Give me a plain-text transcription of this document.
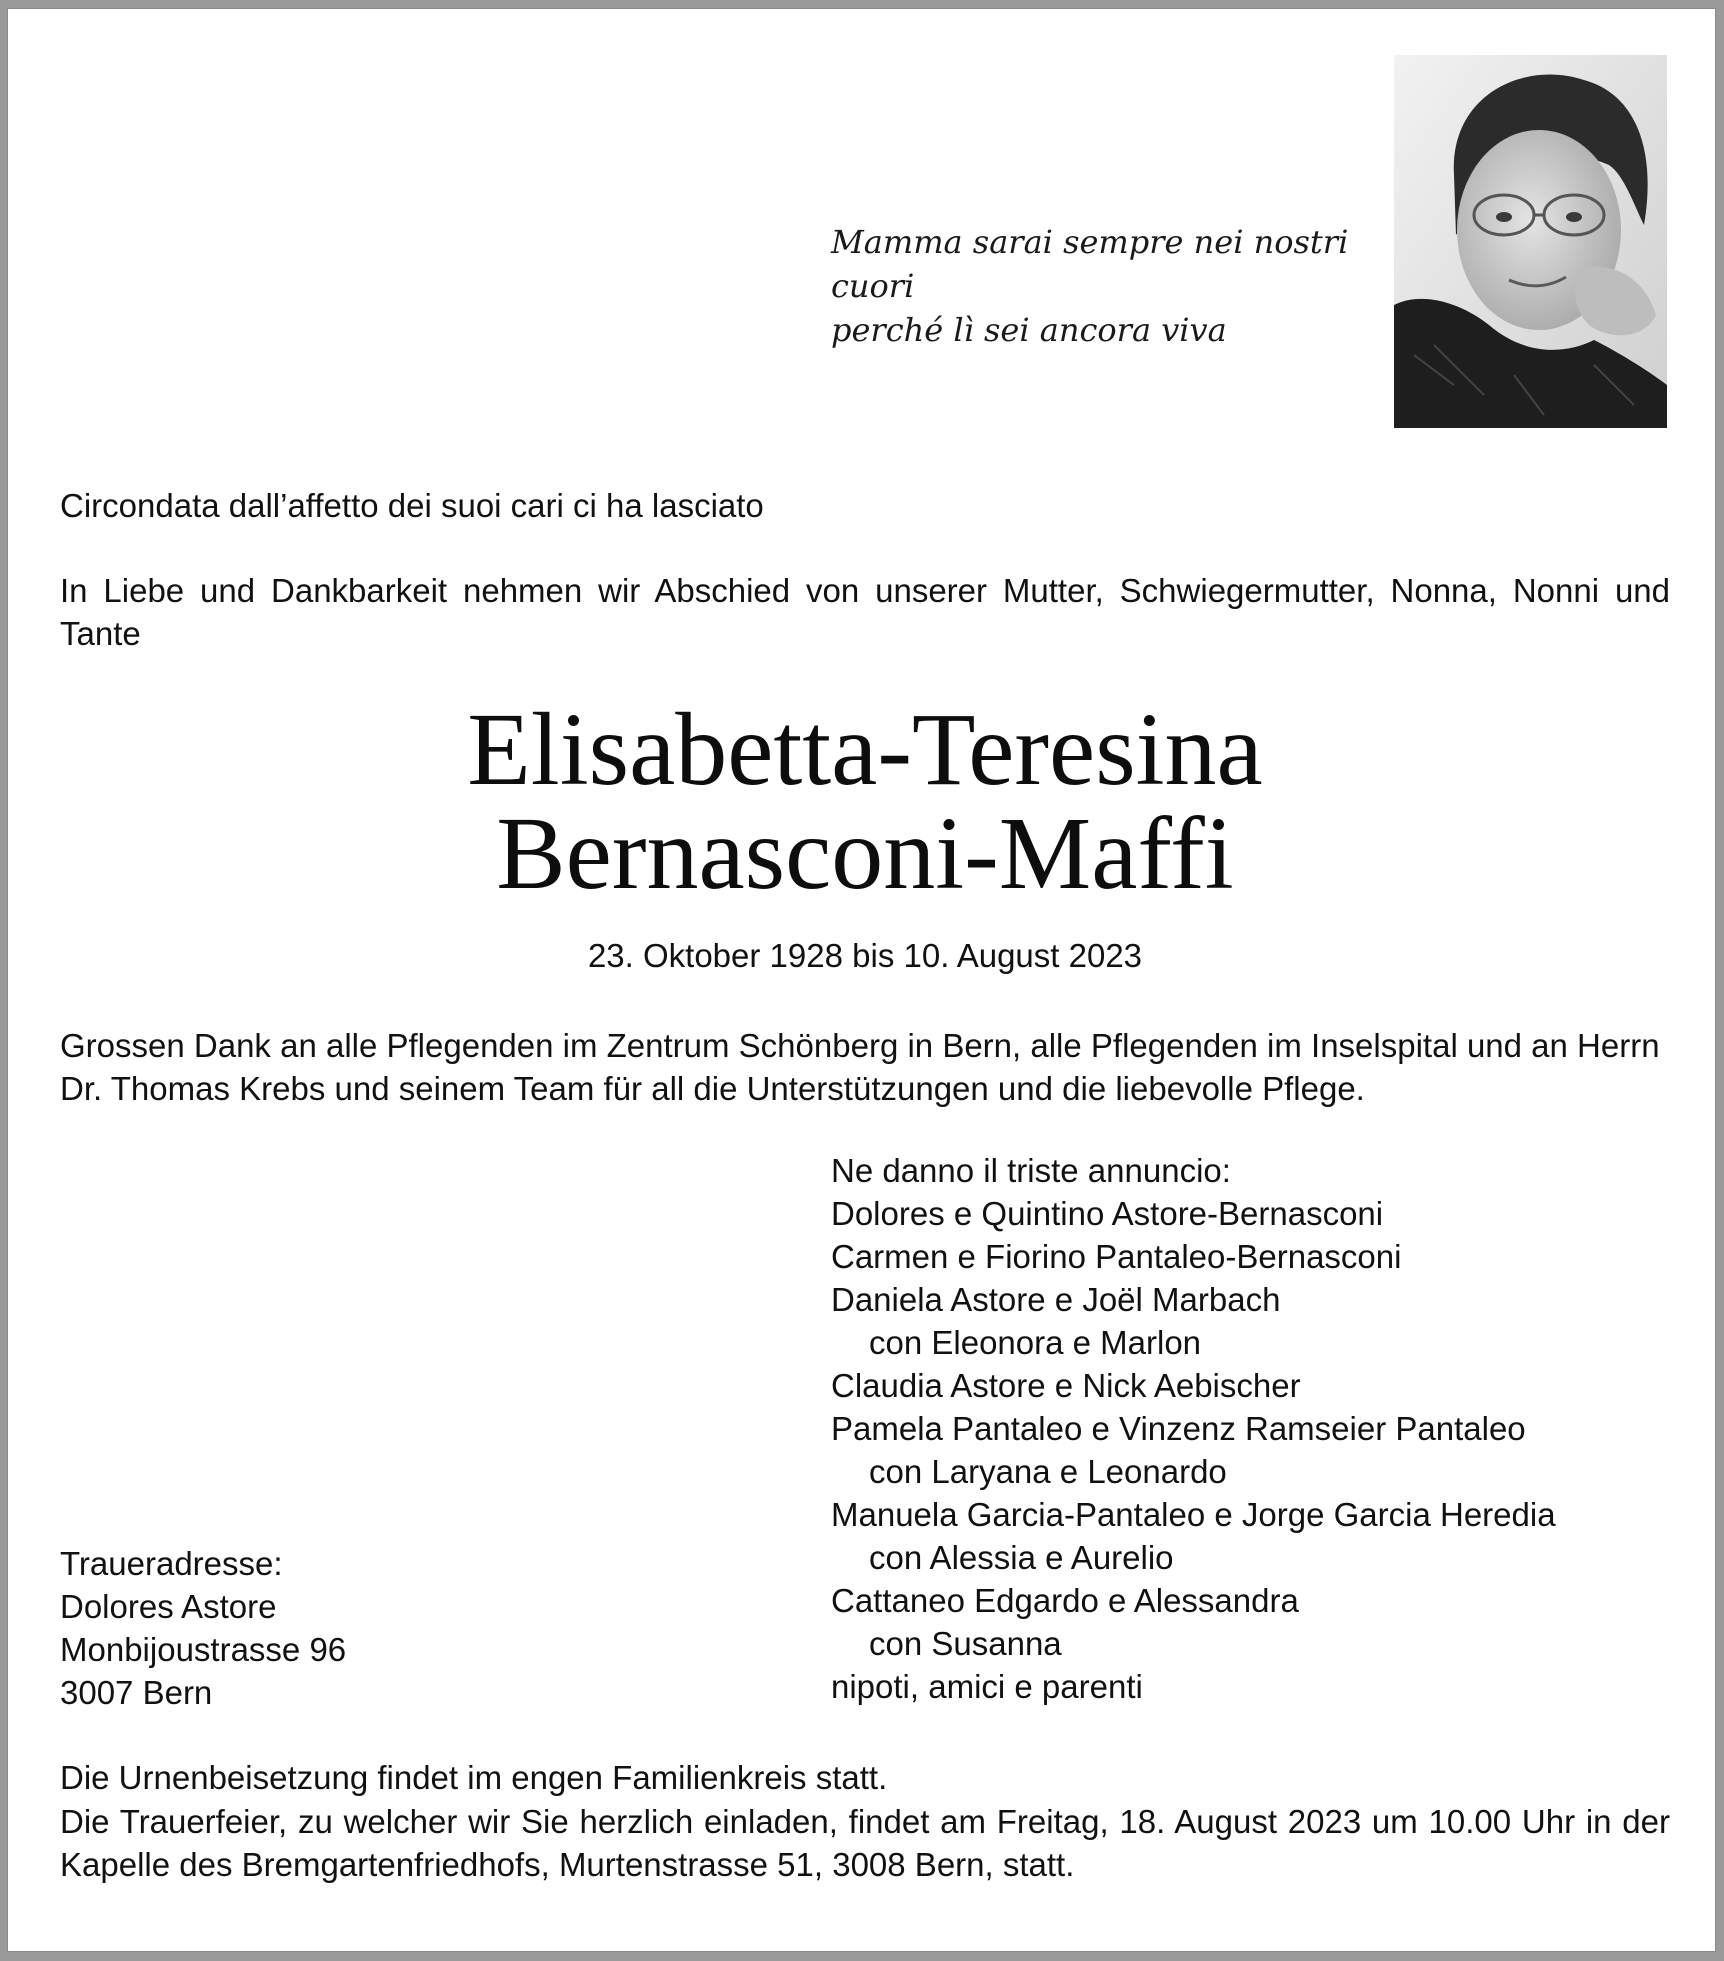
Mamma sarai sempre nei nostri cuori
perché lì sei ancora viva
Circondata dall’affetto dei suoi cari ci ha lasciato
In Liebe und Dankbarkeit nehmen wir Abschied von unserer Mutter, Schwiegermutter, Nonna, Nonni und Tante
Elisabetta-Teresina
Bernasconi-Maffi
23. Oktober 1928 bis 10. August 2023
Grossen Dank an alle Pflegenden im Zentrum Schönberg in Bern, alle Pflegenden im Inselspital und an Herrn
Dr. Thomas Krebs und seinem Team für all die Unterstützungen und die liebevolle Pflege.
Ne danno il triste annuncio:
Dolores e Quintino Astore-Bernasconi
Carmen e Fiorino Pantaleo-Bernasconi
Daniela Astore e Joël Marbach
con Eleonora e Marlon
Claudia Astore e Nick Aebischer
Pamela Pantaleo e Vinzenz Ramseier Pantaleo
con Laryana e Leonardo
Manuela Garcia-Pantaleo e Jorge Garcia Heredia
con Alessia e Aurelio
Cattaneo Edgardo e Alessandra
con Susanna
nipoti, amici e parenti
Traueradresse:
Dolores Astore
Monbijoustrasse 96
3007 Bern
Die Urnenbeisetzung findet im engen Familienkreis statt.
Die Trauerfeier, zu welcher wir Sie herzlich einladen, findet am Freitag, 18. August 2023 um 10.00 Uhr in der Kapelle des Bremgartenfriedhofs, Murtenstrasse 51, 3008 Bern, statt.
